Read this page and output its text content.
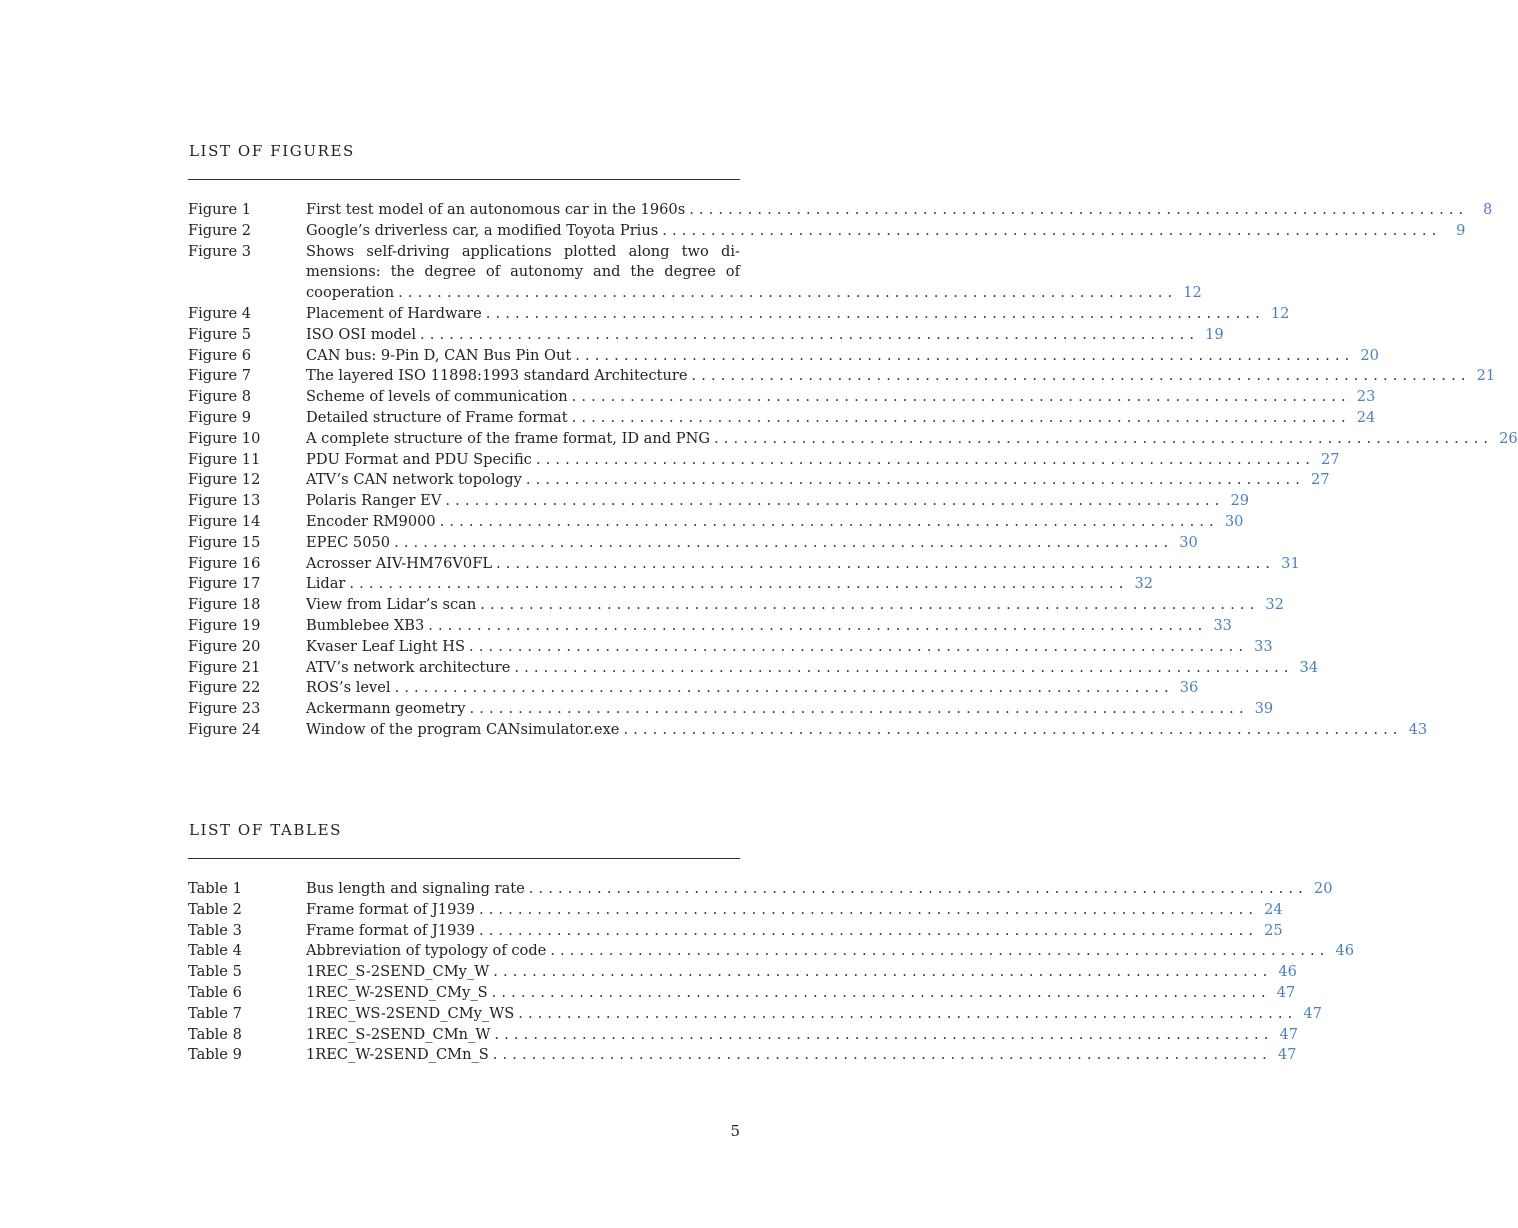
LIST OF FIGURES
Figure 1	First test model of an autonomous car in the 1960s ................................................................................	8
Figure 2	Google’s driverless car, a modified Toyota Prius ................................................................................	9
Figure 3	Shows self-driving applications plotted along two di-
mensions: the degree of autonomy and the degree of
cooperation ................................................................................ 12
Figure 4	Placement of Hardware ................................................................................ 12
Figure 5	ISO OSI model ................................................................................ 19
Figure 6	CAN bus: 9-Pin D, CAN Bus Pin Out ................................................................................ 20
Figure 7	The layered ISO 11898:1993 standard Architecture ................................................................................ 21
Figure 8	Scheme of levels of communication ................................................................................ 23
Figure 9	Detailed structure of Frame format ................................................................................ 24
Figure 10	A complete structure of the frame format, ID and PNG ................................................................................ 26
Figure 11	PDU Format and PDU Specific ................................................................................ 27
Figure 12	ATV’s CAN network topology ................................................................................ 27
Figure 13	Polaris Ranger EV ................................................................................ 29
Figure 14	Encoder RM9000 ................................................................................ 30
Figure 15	EPEC 5050 ................................................................................ 30
Figure 16	Acrosser AIV-HM76V0FL ................................................................................ 31
Figure 17	Lidar ................................................................................ 32
Figure 18	View from Lidar’s scan ................................................................................ 32
Figure 19	Bumblebee XB3 ................................................................................ 33
Figure 20	Kvaser Leaf Light HS ................................................................................ 33
Figure 21	ATV’s network architecture ................................................................................ 34
Figure 22	ROS’s level ................................................................................ 36
Figure 23	Ackermann geometry ................................................................................ 39
Figure 24	Window of the program CANsimulator.exe ................................................................................ 43
LIST OF TABLES
Table 1	Bus length and signaling rate ................................................................................ 20
Table 2	Frame format of J1939 ................................................................................ 24
Table 3	Frame format of J1939 ................................................................................ 25
Table 4	Abbreviation of typology of code ................................................................................ 46
Table 5	1REC_S-2SEND_CMy_W ................................................................................ 46
Table 6	1REC_W-2SEND_CMy_S ................................................................................ 47
Table 7	1REC_WS-2SEND_CMy_WS ................................................................................ 47
Table 8	1REC_S-2SEND_CMn_W ................................................................................ 47
Table 9	1REC_W-2SEND_CMn_S ................................................................................ 47
5
